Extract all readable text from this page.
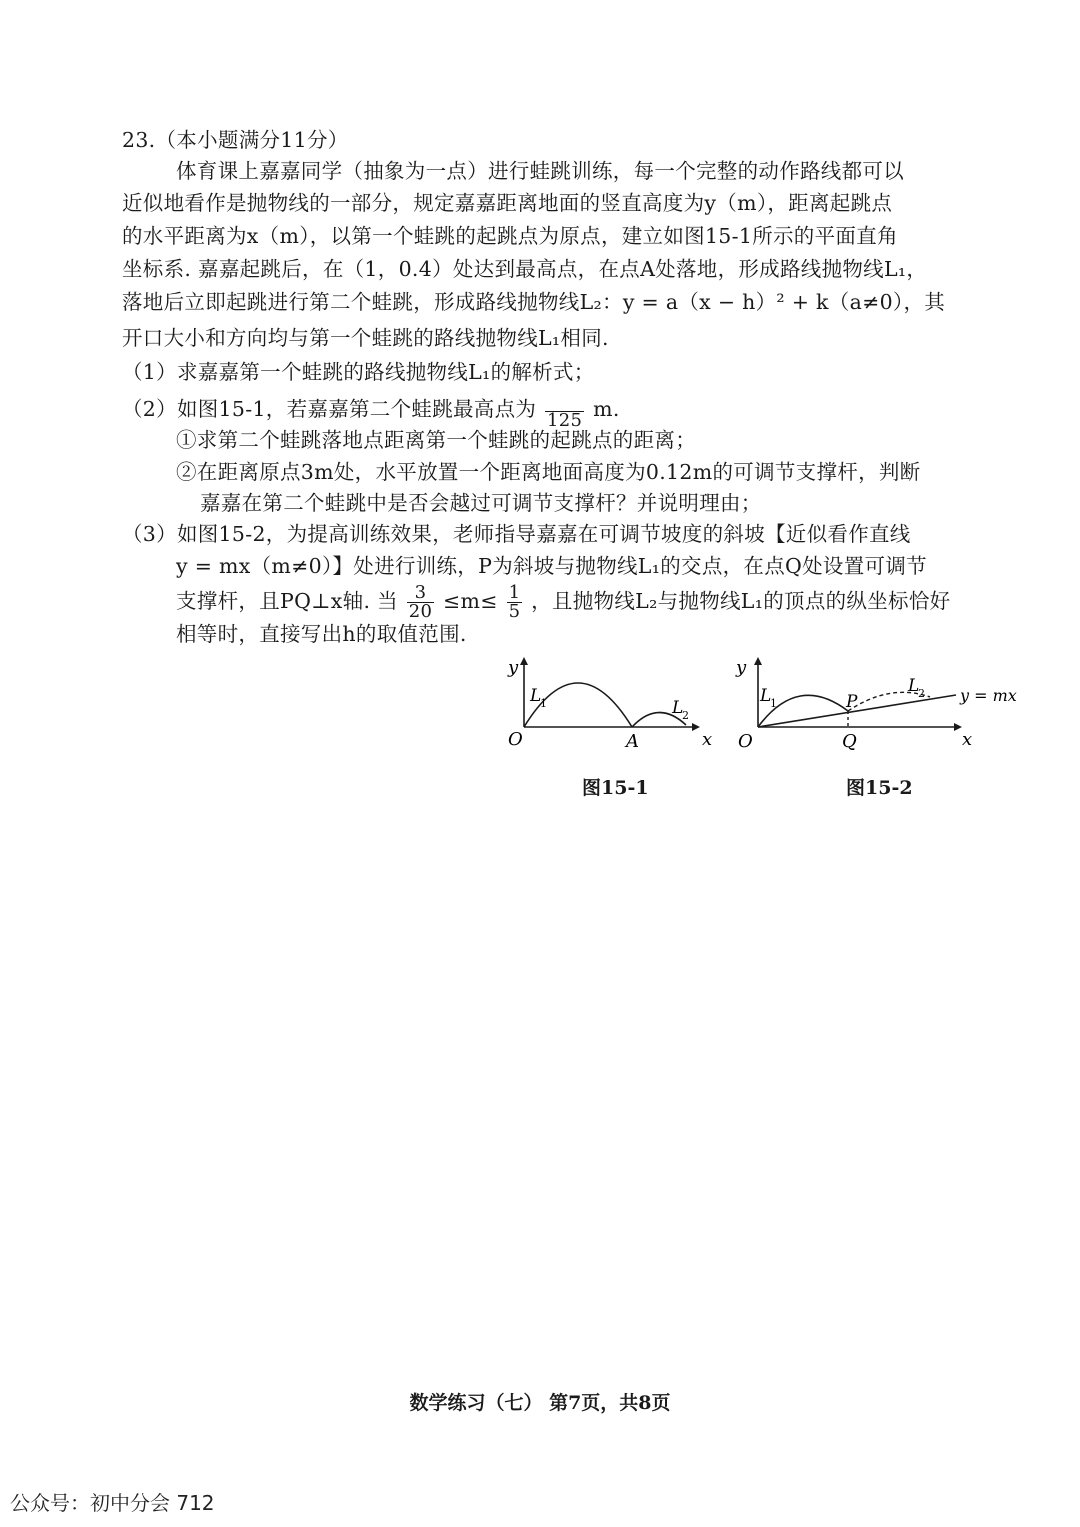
23.（本小题满分11分）
体育课上嘉嘉同学（抽象为一点）进行蛙跳训练，每一个完整的动作路线都可以
近似地看作是抛物线的一部分，规定嘉嘉距离地面的竖直高度为y（m），距离起跳点
的水平距离为x（m），以第一个蛙跳的起跳点为原点，建立如图15-1所示的平面直角
坐标系. 嘉嘉起跳后，在（1，0.4）处达到最高点，在点A处落地，形成路线抛物线L₁，
落地后立即起跳进行第二个蛙跳，形成路线抛物线L₂：y = a（x − h）² + k（a≠0），其
开口大小和方向均与第一个蛙跳的路线抛物线L₁相同.
（1）求嘉嘉第一个蛙跳的路线抛物线L₁的解析式；
（2）如图15-1，若嘉嘉第二个蛙跳最高点为
125 m.
①求第二个蛙跳落地点距离第一个蛙跳的起跳点的距离；
②在距离原点3m处，水平放置一个距离地面高度为0.12m的可调节支撑杆，判断
嘉嘉在第二个蛙跳中是否会越过可调节支撑杆？并说明理由；
（3）如图15-2，为提高训练效果，老师指导嘉嘉在可调节坡度的斜坡【近似看作直线
y = mx（m≠0）】处进行训练，P为斜坡与抛物线L₁的交点，在点Q处设置可调节
支撑杆，且PQ⊥x轴. 当 $\frac{3}{20} \le m\le \frac{1}{5}$ ，且抛物线L₂与抛物线L₁的顶点的纵坐标恰好
相等时，直接写出h的取值范围.
y
O	A	x
L
1	L
2
图15-1
y
O	Q
P
x
L
1
L
2 y = mx
图15-2
数学练习（七） 第7页，共8页
公众号：初中分会 712
